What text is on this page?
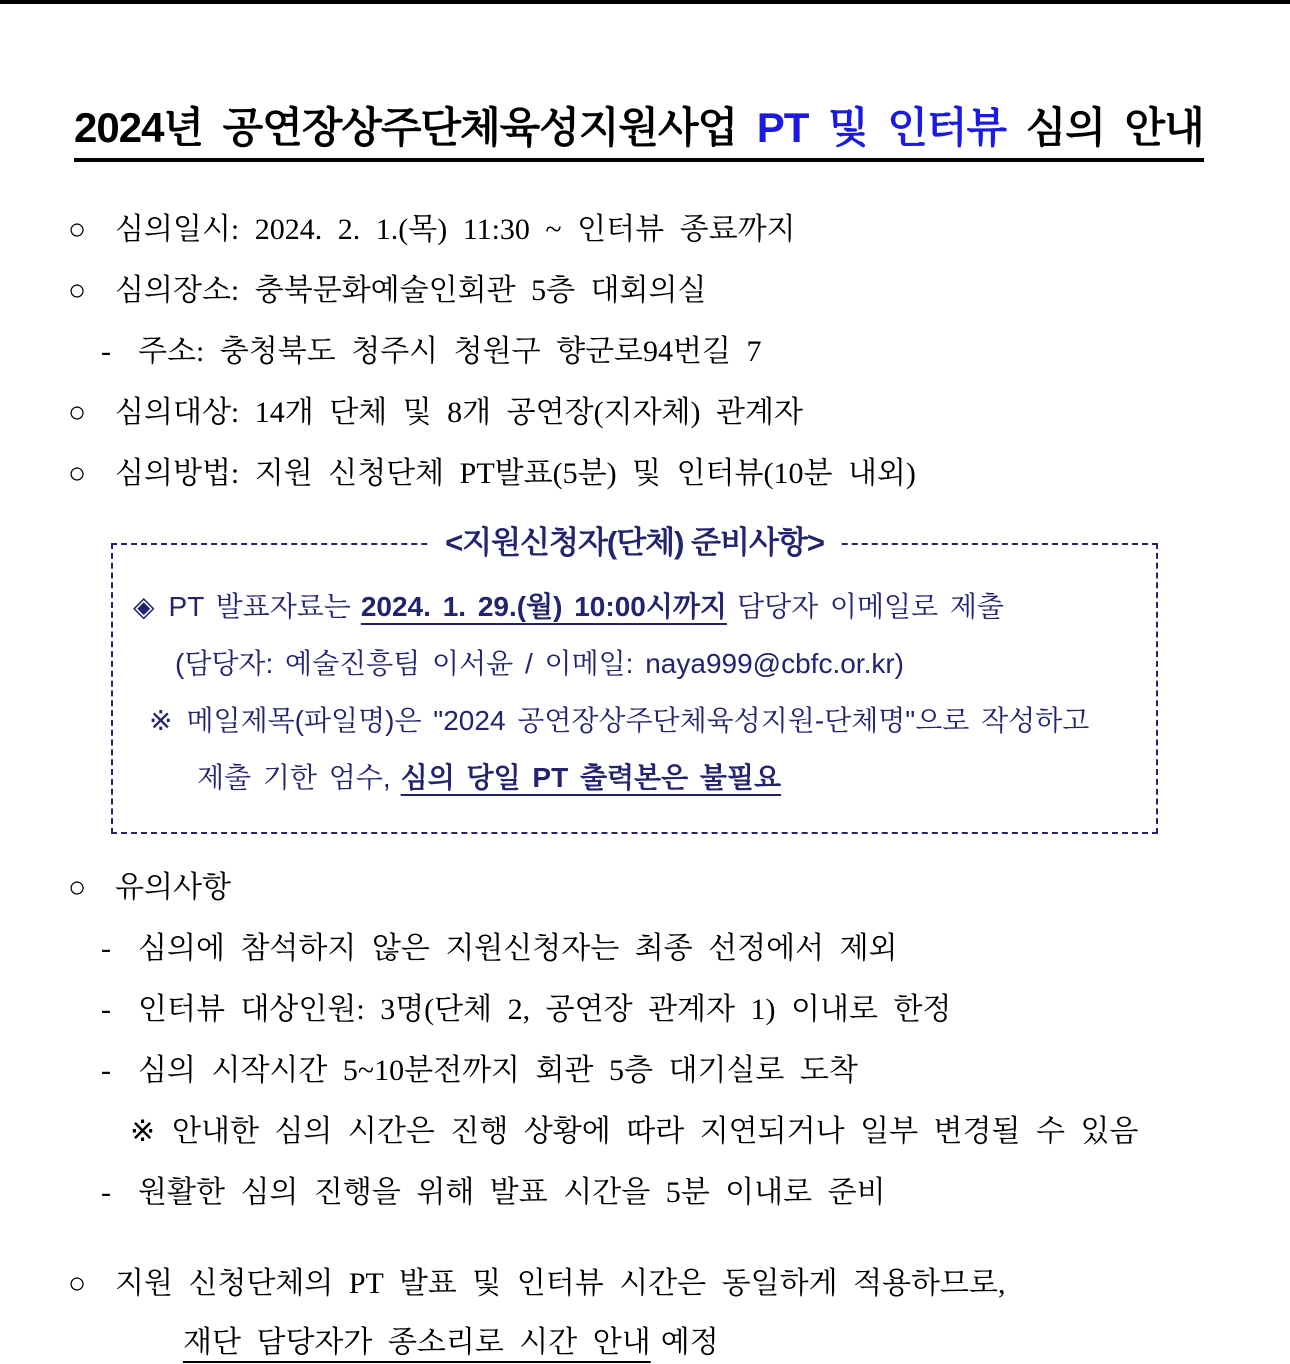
2024년 공연장상주단체육성지원사업 PT 및 인터뷰 심의 안내
○ 심의일시: 2024. 2. 1.(목) 11:30 ~ 인터뷰 종료까지
○ 심의장소: 충북문화예술인회관 5층 대회의실
- 주소: 충청북도 청주시 청원구 향군로94번길 7
○ 심의대상: 14개 단체 및 8개 공연장(지자체) 관계자
○ 심의방법: 지원 신청단체 PT발표(5분) 및 인터뷰(10분 내외)
<지원신청자(단체) 준비사항>
◈ PT 발표자료는 2024. 1. 29.(월) 10:00시까지 담당자 이메일로 제출
(담당자: 예술진흥팀 이서윤 / 이메일: naya999@cbfc.or.kr)
※ 메일제목(파일명)은 "2024 공연장상주단체육성지원-단체명"으로 작성하고
제출 기한 엄수, 심의 당일 PT 출력본은 불필요
○ 유의사항
- 심의에 참석하지 않은 지원신청자는 최종 선정에서 제외
- 인터뷰 대상인원: 3명(단체 2, 공연장 관계자 1) 이내로 한정
- 심의 시작시간 5~10분전까지 회관 5층 대기실로 도착
※ 안내한 심의 시간은 진행 상황에 따라 지연되거나 일부 변경될 수 있음
- 원활한 심의 진행을 위해 발표 시간을 5분 이내로 준비
○ 지원 신청단체의 PT 발표 및 인터뷰 시간은 동일하게 적용하므로,
재단 담당자가 종소리로 시간 안내 예정
